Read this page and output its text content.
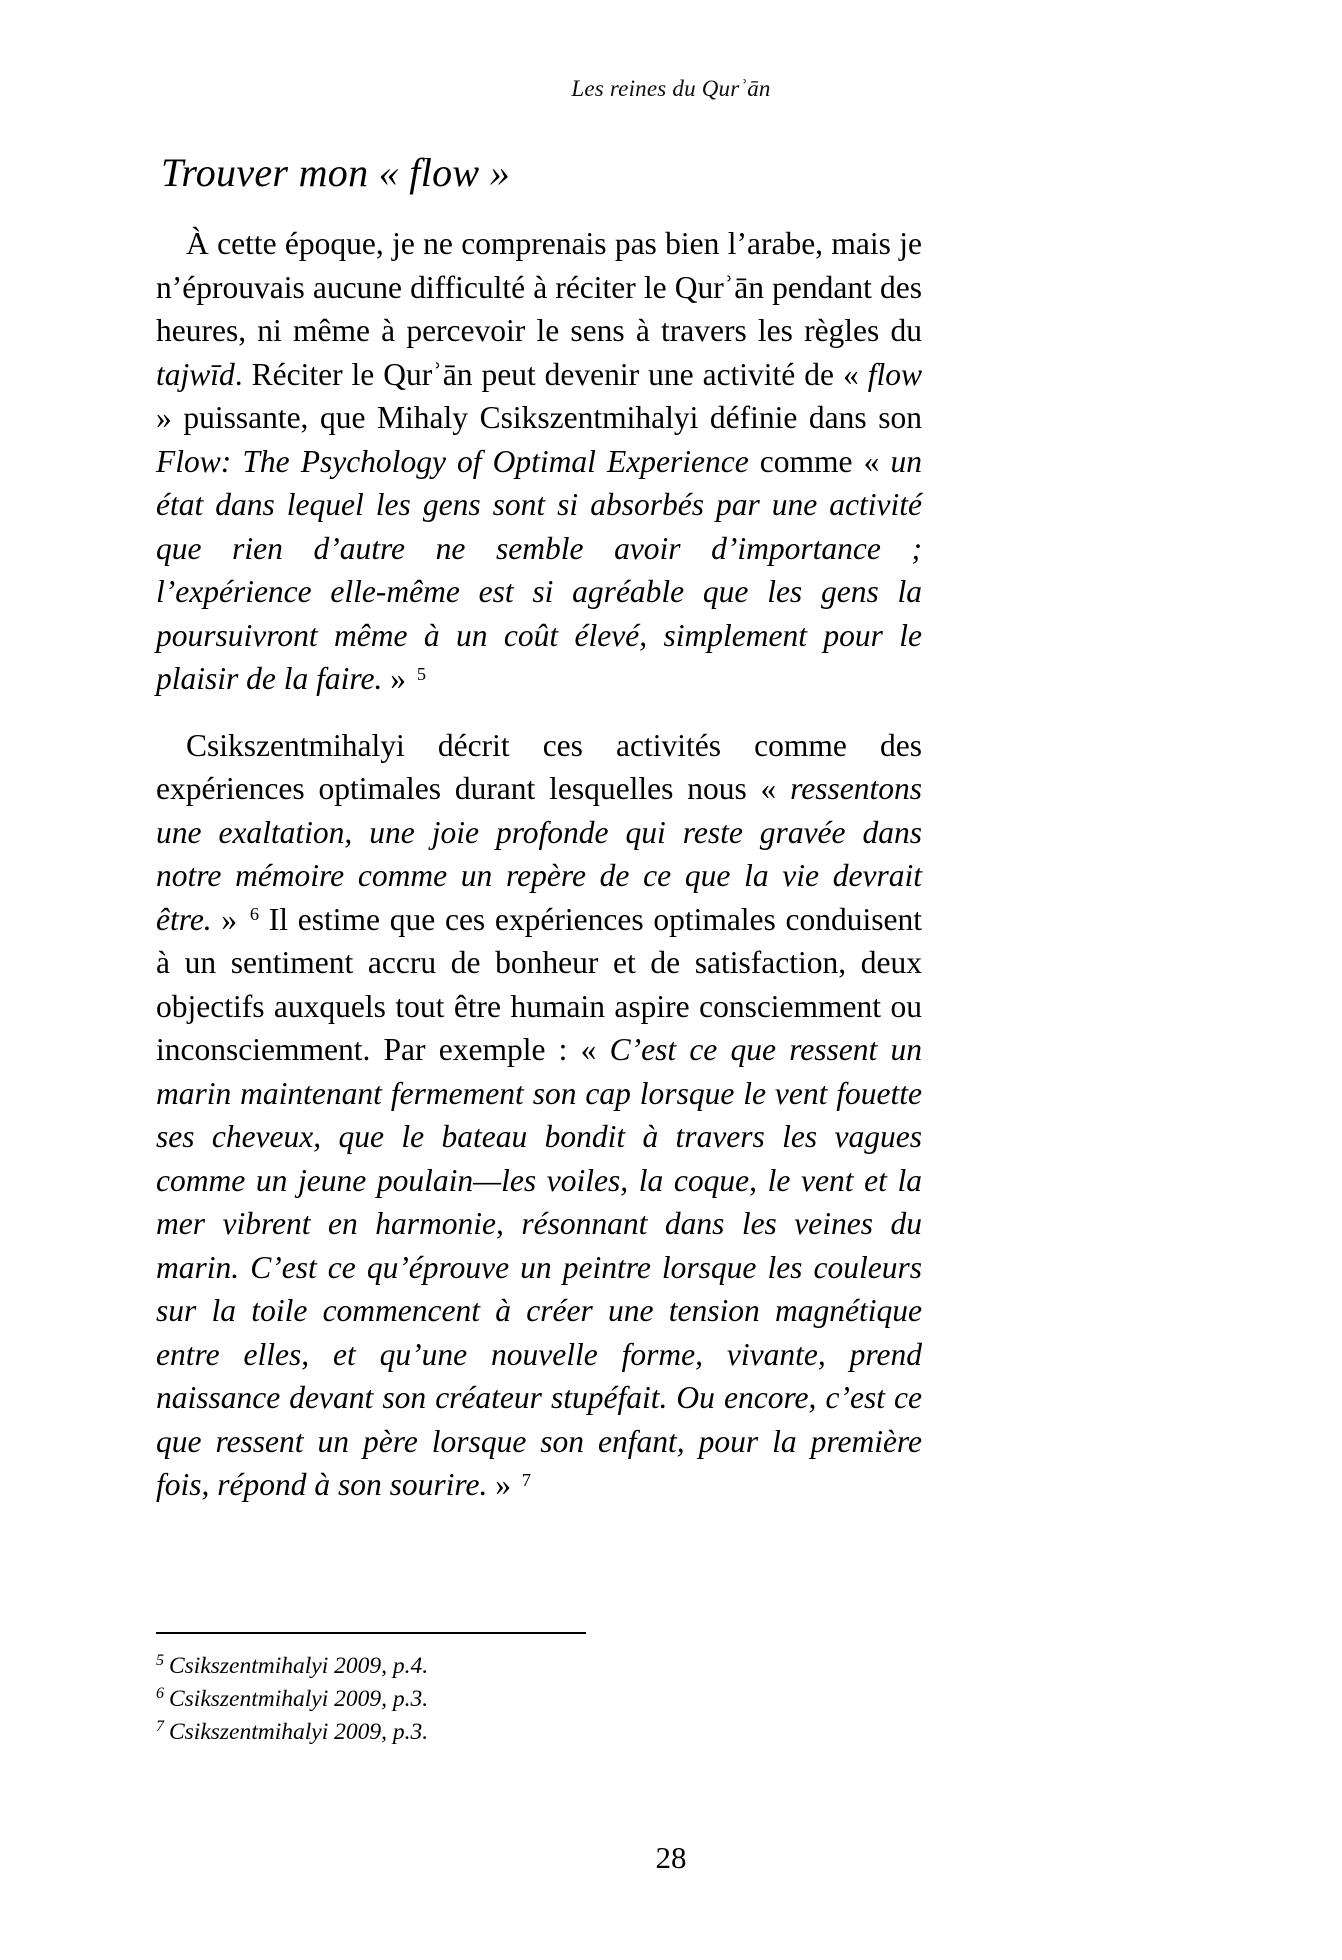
Les reines du Qurʾān
Trouver mon « flow »

À cette époque, je ne comprenais pas bien l’arabe, mais je n’éprouvais aucune difficulté à réciter le Qurʾān pendant des heures, ni même à percevoir le sens à travers les règles du tajwīd. Réciter le Qurʾān peut devenir une activité de « flow » puissante, que Mihaly Csikszentmihalyi définie dans son Flow: The Psychology of Optimal Experience comme « un état dans lequel les gens sont si absorbés par une activité que rien d’autre ne semble avoir d’importance ; l’expérience elle-même est si agréable que les gens la poursuivront même à un coût élevé, simplement pour le plaisir de la faire. » $^5$

Csikszentmihalyi décrit ces activités comme des expériences optimales durant lesquelles nous « ressentons une exaltation, une joie profonde qui reste gravée dans notre mémoire comme un repère de ce que la vie devrait être. » $^6$ Il estime que ces expériences optimales conduisent à un sentiment accru de bonheur et de satisfaction, deux objectifs auxquels tout être humain aspire consciemment ou inconsciemment. Par exemple : « C’est ce que ressent un marin maintenant fermement son cap lorsque le vent fouette ses cheveux, que le bateau bondit à travers les vagues comme un jeune poulain—les voiles, la coque, le vent et la mer vibrent en harmonie, résonnant dans les veines du marin. C’est ce qu’éprouve un peintre lorsque les couleurs sur la toile commencent à créer une tension magnétique entre elles, et qu’une nouvelle forme, vivante, prend naissance devant son créateur stupéfait. Ou encore, c’est ce que ressent un père lorsque son enfant, pour la première fois, répond à son sourire. » $^7$

$^5$ Csikszentmihalyi 2009, p.4.
$^6$ Csikszentmihalyi 2009, p.3.
$^7$ Csikszentmihalyi 2009, p.3.
28
